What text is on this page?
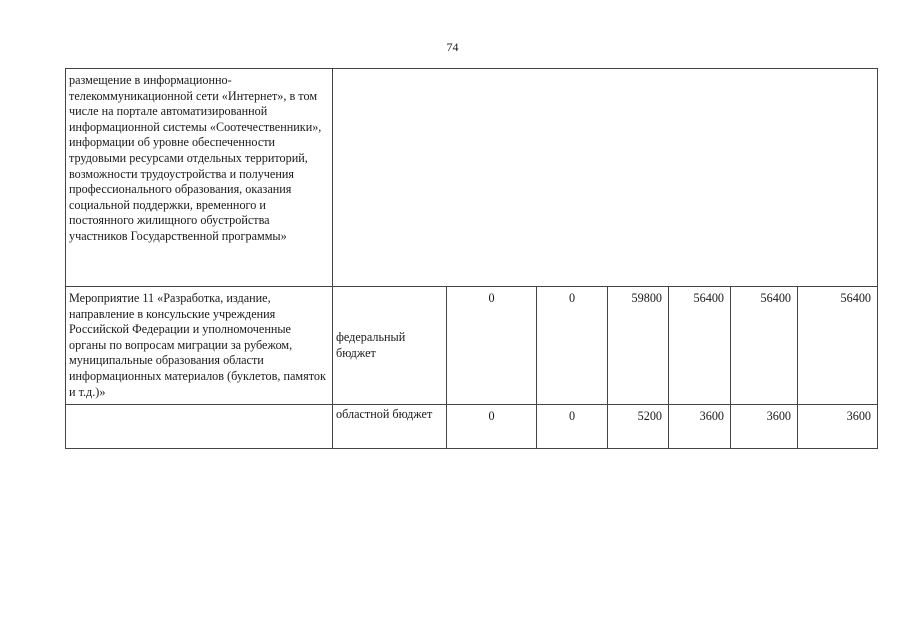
74
размещение в информационно-телекоммуникационной сети «Интернет», в том числе на портале автоматизированной информационной системы «Соотечественники», информации об уровне обеспеченности трудовыми ресурсами отдельных территорий, возможности трудоустройства и получения профессионального образования, оказания социальной поддержки, временного и постоянного жилищного обустройства участников Государственной программы»							
Мероприятие 11 «Разработка, издание, направление в консульские учреждения Российской Федерации и уполномоченные органы по вопросам миграции за рубежом, муниципальные образования области информационных материалов (буклетов, памяток и т.д.)»	федеральный бюджет	0	0	59800	56400	56400	56400
	областной бюджет	0	0	5200	3600	3600	3600
